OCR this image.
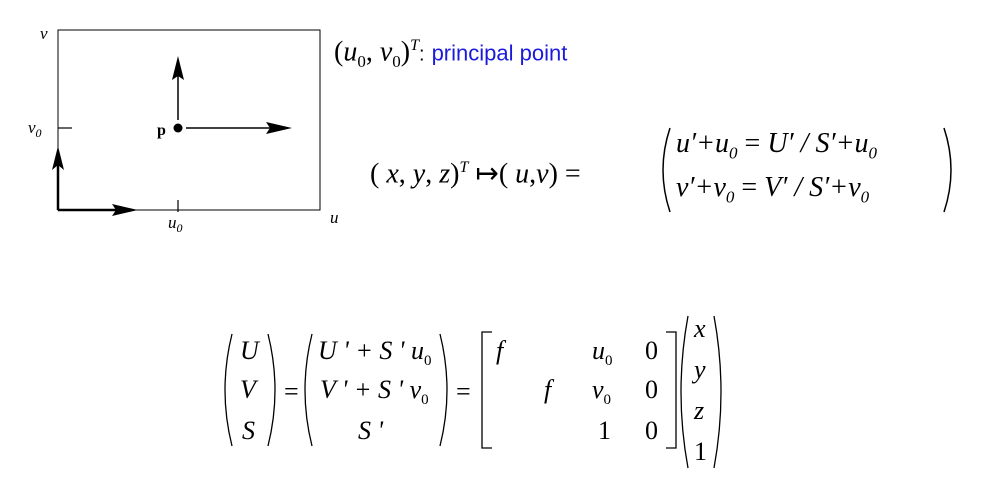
v
u
$v_0$
$u_0$
p
($u_0$, $v_0)^T$: principal point
( x, y, z)$^T$ ↦( u,v) =
$u'+u_0 = U' / S'+u_0$
$v'+v_0 = V' / S'+v_0$
U
V
S
=
U ' + S ' $u_0$
V ' + S ' $v_0$
S '
=
f	$u_0$ 0
f $v_0$ 0
1 0
x
y
z
1
